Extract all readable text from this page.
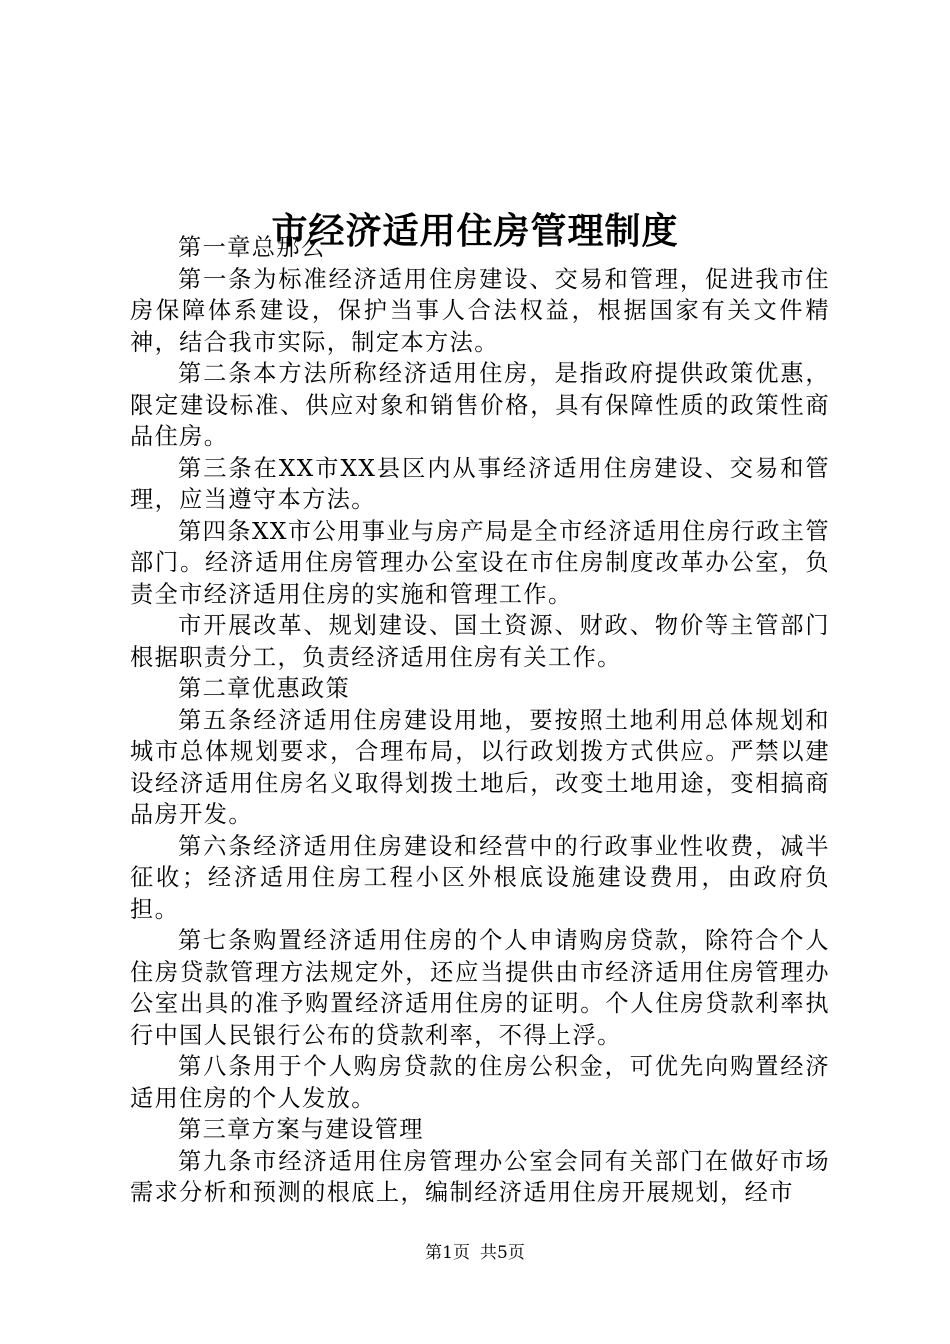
市经济适用住房管理制度

第一章总那么

第一条为标准经济适用住房建设、交易和管理，促进我市住房保障体系建设，保护当事人合法权益，根据国家有关文件精神，结合我市实际，制定本方法。

第二条本方法所称经济适用住房，是指政府提供政策优惠，限定建设标准、供应对象和销售价格，具有保障性质的政策性商品住房。

第三条在XX市XX县区内从事经济适用住房建设、交易和管理，应当遵守本方法。

第四条XX市公用事业与房产局是全市经济适用住房行政主管部门。经济适用住房管理办公室设在市住房制度改革办公室，负责全市经济适用住房的实施和管理工作。

市开展改革、规划建设、国土资源、财政、物价等主管部门根据职责分工，负责经济适用住房有关工作。

第二章优惠政策

第五条经济适用住房建设用地，要按照土地利用总体规划和城市总体规划要求，合理布局，以行政划拨方式供应。严禁以建设经济适用住房名义取得划拨土地后，改变土地用途，变相搞商品房开发。

第六条经济适用住房建设和经营中的行政事业性收费，减半征收；经济适用住房工程小区外根底设施建设费用，由政府负担。

第七条购置经济适用住房的个人申请购房贷款，除符合个人住房贷款管理方法规定外，还应当提供由市经济适用住房管理办公室出具的准予购置经济适用住房的证明。个人住房贷款利率执行中国人民银行公布的贷款利率，不得上浮。

第八条用于个人购房贷款的住房公积金，可优先向购置经济适用住房的个人发放。

第三章方案与建设管理

第九条市经济适用住房管理办公室会同有关部门在做好市场需求分析和预测的根底上，编制经济适用住房开展规划，经市

第1页 共5页
